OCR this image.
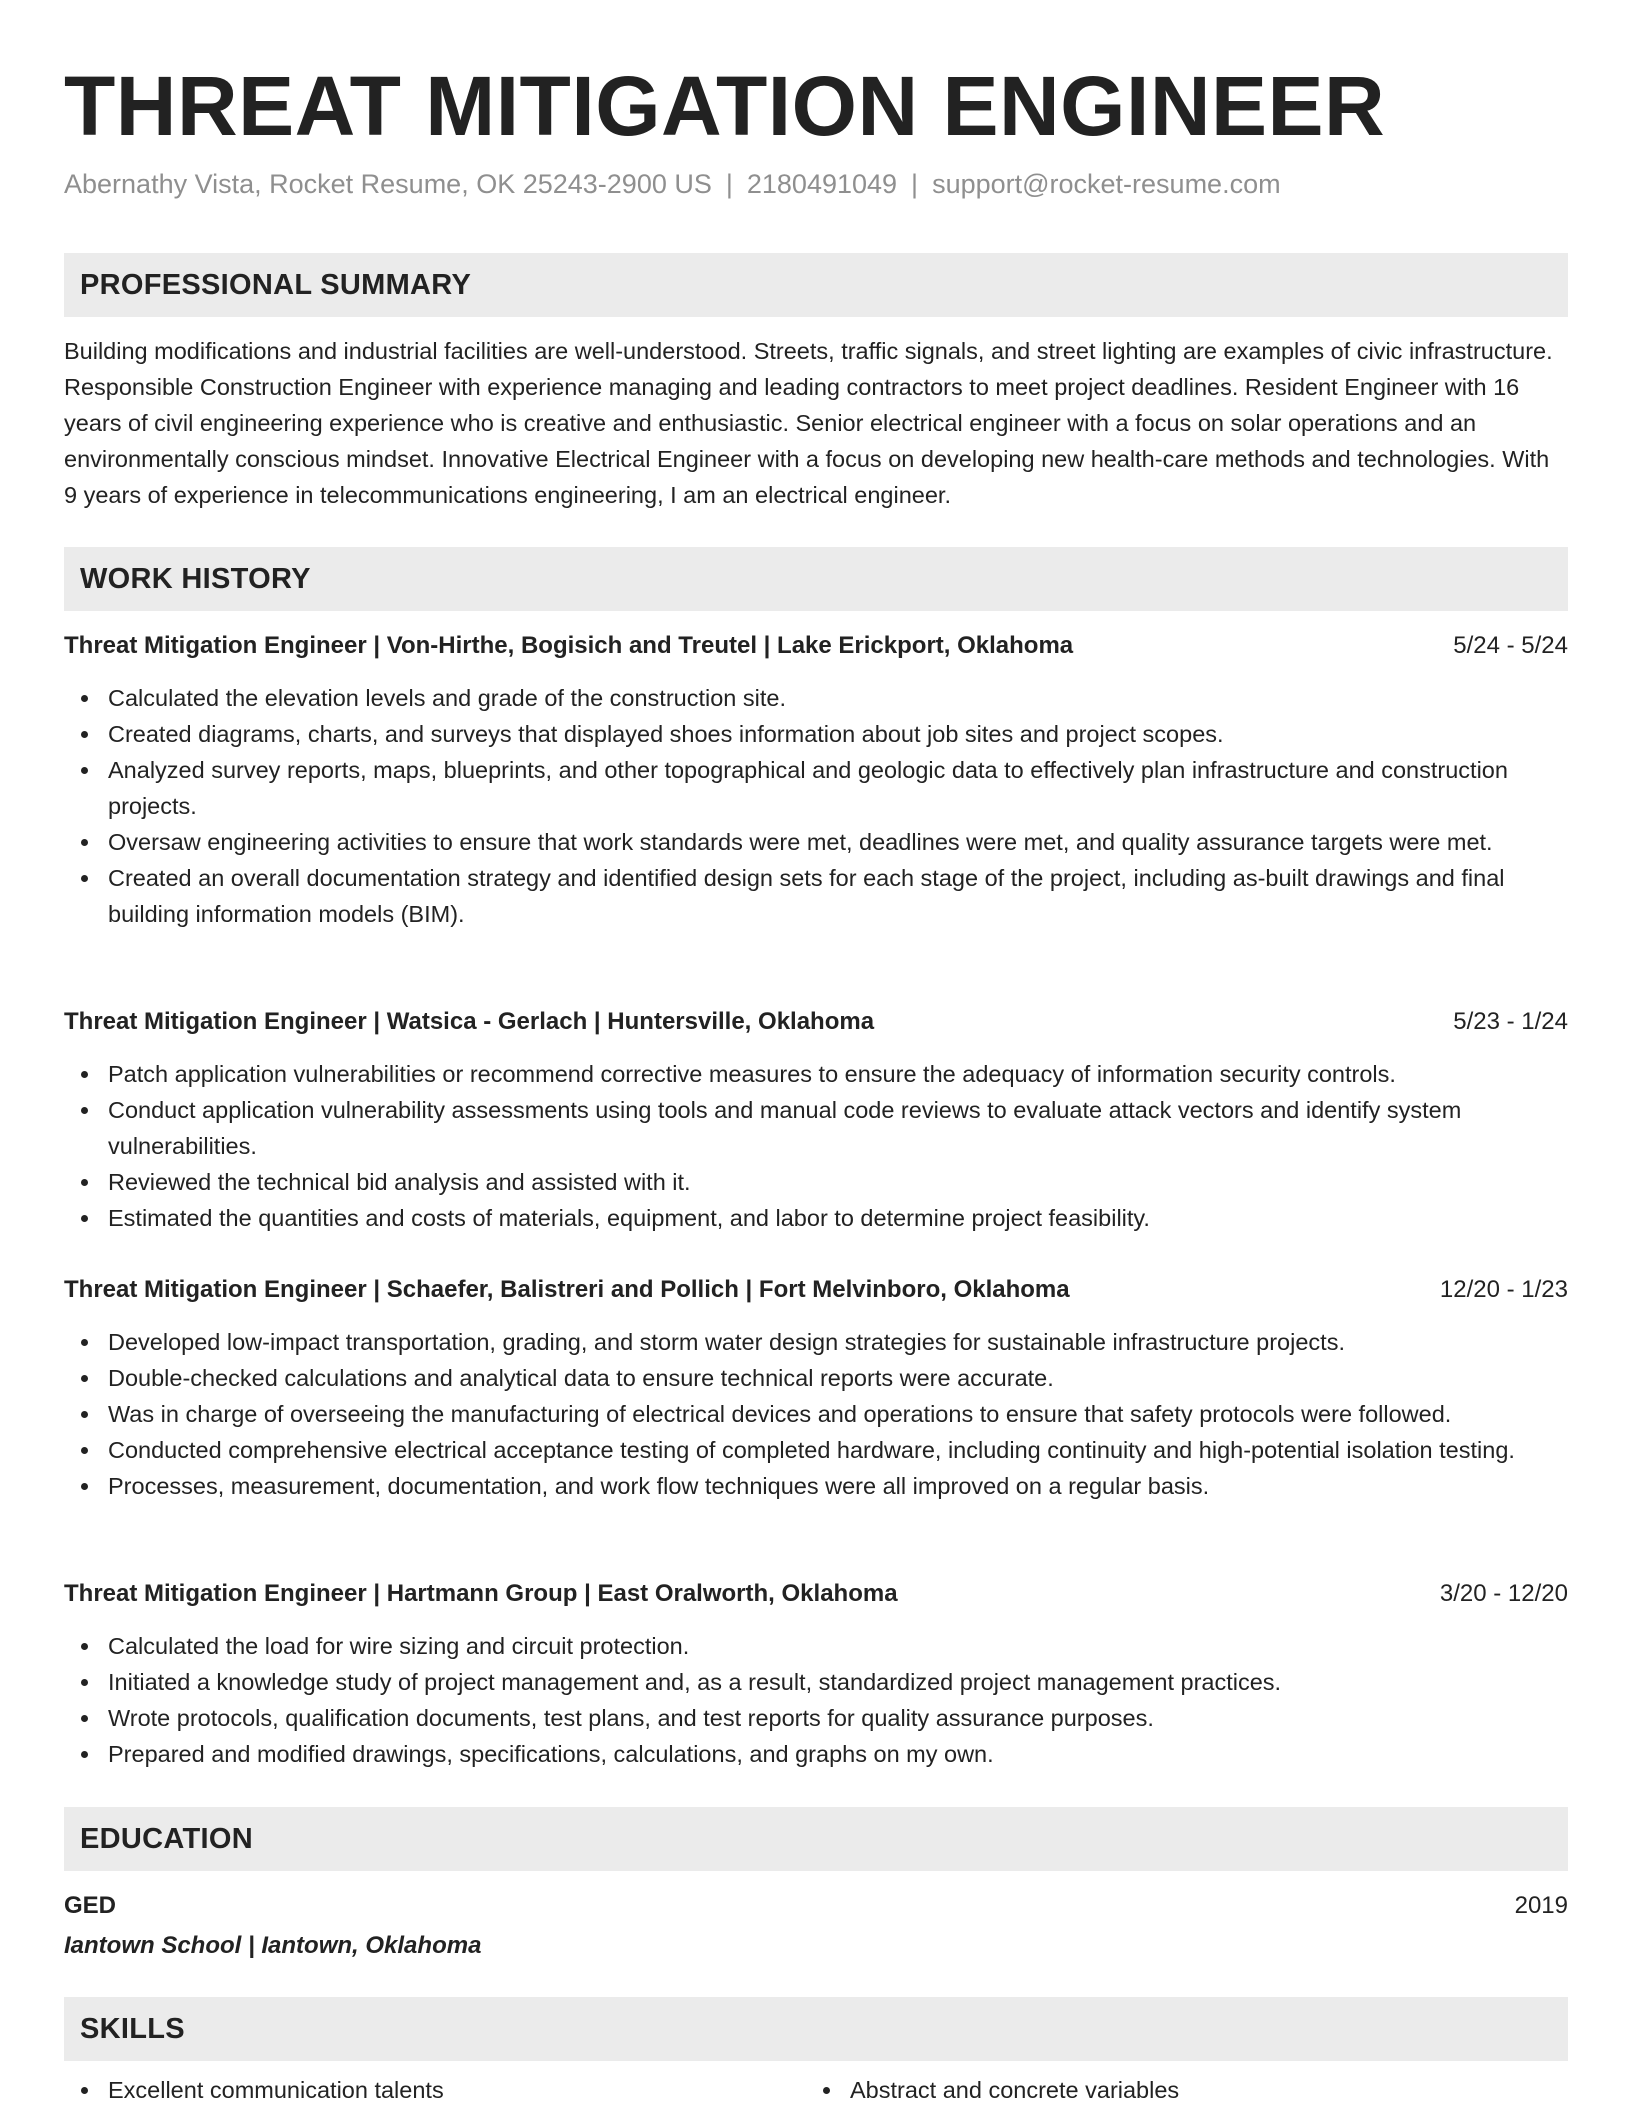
THREAT MITIGATION ENGINEER
Abernathy Vista, Rocket Resume, OK 25243-2900 US | 2180491049 | support@rocket-resume.com
PROFESSIONAL SUMMARY

Building modifications and industrial facilities are well-understood. Streets, traffic signals, and street lighting are examples of civic infrastructure. Responsible Construction Engineer with experience managing and leading contractors to meet project deadlines. Resident Engineer with 16 years of civil engineering experience who is creative and enthusiastic. Senior electrical engineer with a focus on solar operations and an environmentally conscious mindset. Innovative Electrical Engineer with a focus on developing new health-care methods and technologies. With 9 years of experience in telecommunications engineering, I am an electrical engineer.

WORK HISTORY
Threat Mitigation Engineer | Von-Hirthe, Bogisich and Treutel | Lake Erickport, Oklahoma	5/24 - 5/24
Calculated the elevation levels and grade of the construction site.
Created diagrams, charts, and surveys that displayed shoes information about job sites and project scopes.
Analyzed survey reports, maps, blueprints, and other topographical and geologic data to effectively plan infrastructure and construction projects.
Oversaw engineering activities to ensure that work standards were met, deadlines were met, and quality assurance targets were met.
Created an overall documentation strategy and identified design sets for each stage of the project, including as-built drawings and final building information models (BIM).
Threat Mitigation Engineer | Watsica - Gerlach | Huntersville, Oklahoma	5/23 - 1/24
Patch application vulnerabilities or recommend corrective measures to ensure the adequacy of information security controls.
Conduct application vulnerability assessments using tools and manual code reviews to evaluate attack vectors and identify system vulnerabilities.
Reviewed the technical bid analysis and assisted with it.
Estimated the quantities and costs of materials, equipment, and labor to determine project feasibility.
Threat Mitigation Engineer | Schaefer, Balistreri and Pollich | Fort Melvinboro, Oklahoma	12/20 - 1/23
Developed low-impact transportation, grading, and storm water design strategies for sustainable infrastructure projects.
Double-checked calculations and analytical data to ensure technical reports were accurate.
Was in charge of overseeing the manufacturing of electrical devices and operations to ensure that safety protocols were followed.
Conducted comprehensive electrical acceptance testing of completed hardware, including continuity and high-potential isolation testing.
Processes, measurement, documentation, and work flow techniques were all improved on a regular basis.
Threat Mitigation Engineer | Hartmann Group | East Oralworth, Oklahoma	3/20 - 12/20
Calculated the load for wire sizing and circuit protection.
Initiated a knowledge study of project management and, as a result, standardized project management practices.
Wrote protocols, qualification documents, test plans, and test reports for quality assurance purposes.
Prepared and modified drawings, specifications, calculations, and graphs on my own.
EDUCATION
GED	2019
Iantown School | Iantown, Oklahoma
SKILLS
Excellent communication talents	Abstract and concrete variables
